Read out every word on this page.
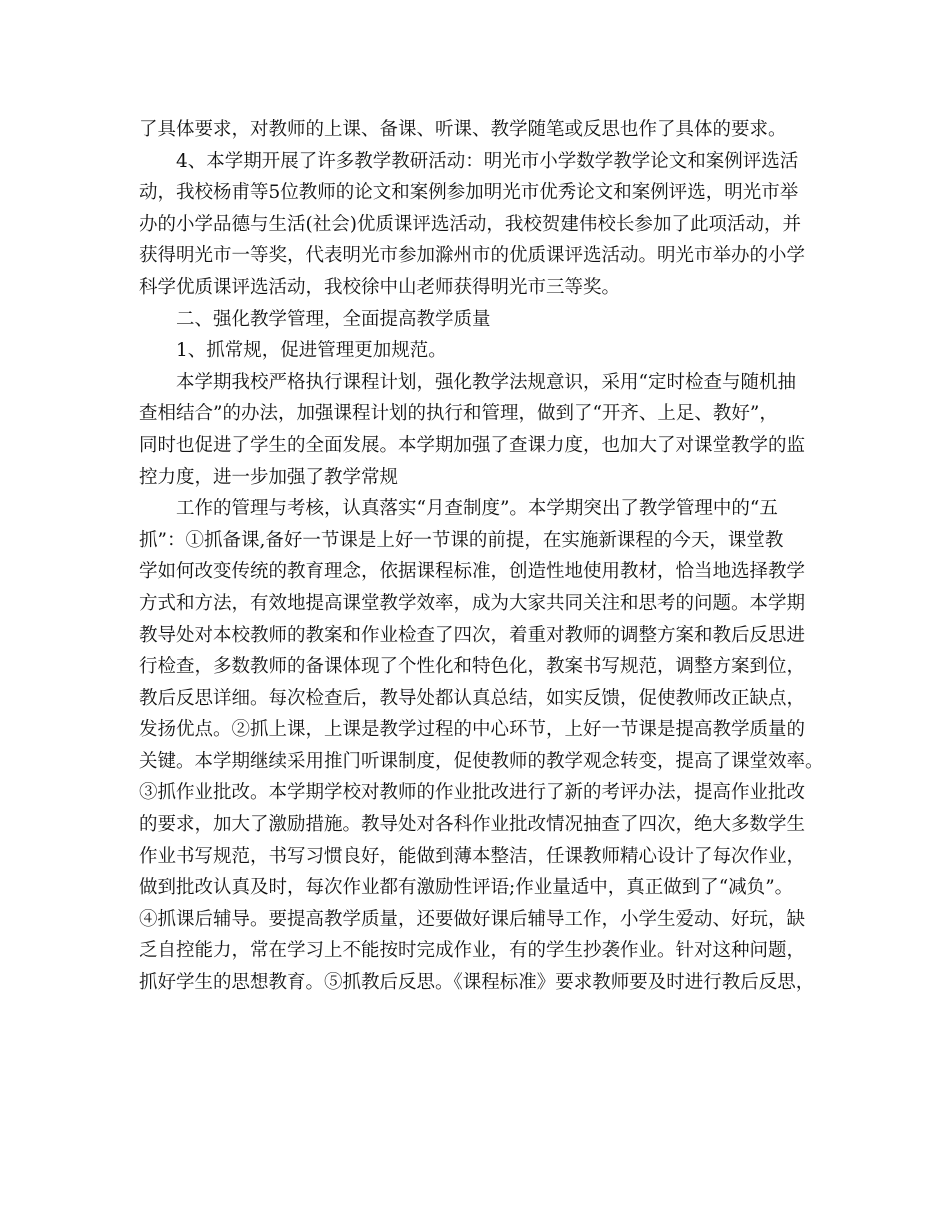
了具体要求，对教师的上课、备课、听课、教学随笔或反思也作了具体的要求。
4、本学期开展了许多教学教研活动：明光市小学数学教学论文和案例评选活
动，我校杨甫等5位教师的论文和案例参加明光市优秀论文和案例评选，明光市举
办的小学品德与生活(社会)优质课评选活动，我校贺建伟校长参加了此项活动，并
获得明光市一等奖，代表明光市参加滁州市的优质课评选活动。明光市举办的小学
科学优质课评选活动，我校徐中山老师获得明光市三等奖。
二、强化教学管理，全面提高教学质量
1、抓常规，促进管理更加规范。
本学期我校严格执行课程计划，强化教学法规意识，采用“定时检查与随机抽
查相结合”的办法，加强课程计划的执行和管理，做到了“开齐、上足、教好”，
同时也促进了学生的全面发展。本学期加强了查课力度，也加大了对课堂教学的监
控力度，进一步加强了教学常规
工作的管理与考核，认真落实“月查制度”。本学期突出了教学管理中的“五
抓”：①抓备课,备好一节课是上好一节课的前提，在实施新课程的今天，课堂教
学如何改变传统的教育理念，依据课程标准，创造性地使用教材，恰当地选择教学
方式和方法，有效地提高课堂教学效率，成为大家共同关注和思考的问题。本学期
教导处对本校教师的教案和作业检查了四次，着重对教师的调整方案和教后反思进
行检查，多数教师的备课体现了个性化和特色化，教案书写规范，调整方案到位，
教后反思详细。每次检查后，教导处都认真总结，如实反馈，促使教师改正缺点，
发扬优点。②抓上课，上课是教学过程的中心环节，上好一节课是提高教学质量的
关键。本学期继续采用推门听课制度，促使教师的教学观念转变，提高了课堂效率。
③抓作业批改。本学期学校对教师的作业批改进行了新的考评办法，提高作业批改
的要求，加大了激励措施。教导处对各科作业批改情况抽查了四次，绝大多数学生
作业书写规范，书写习惯良好，能做到薄本整洁，任课教师精心设计了每次作业，
做到批改认真及时，每次作业都有激励性评语;作业量适中，真正做到了“减负”。
④抓课后辅导。要提高教学质量，还要做好课后辅导工作，小学生爱动、好玩，缺
乏自控能力，常在学习上不能按时完成作业，有的学生抄袭作业。针对这种问题，
抓好学生的思想教育。⑤抓教后反思。《课程标准》要求教师要及时进行教后反思，
